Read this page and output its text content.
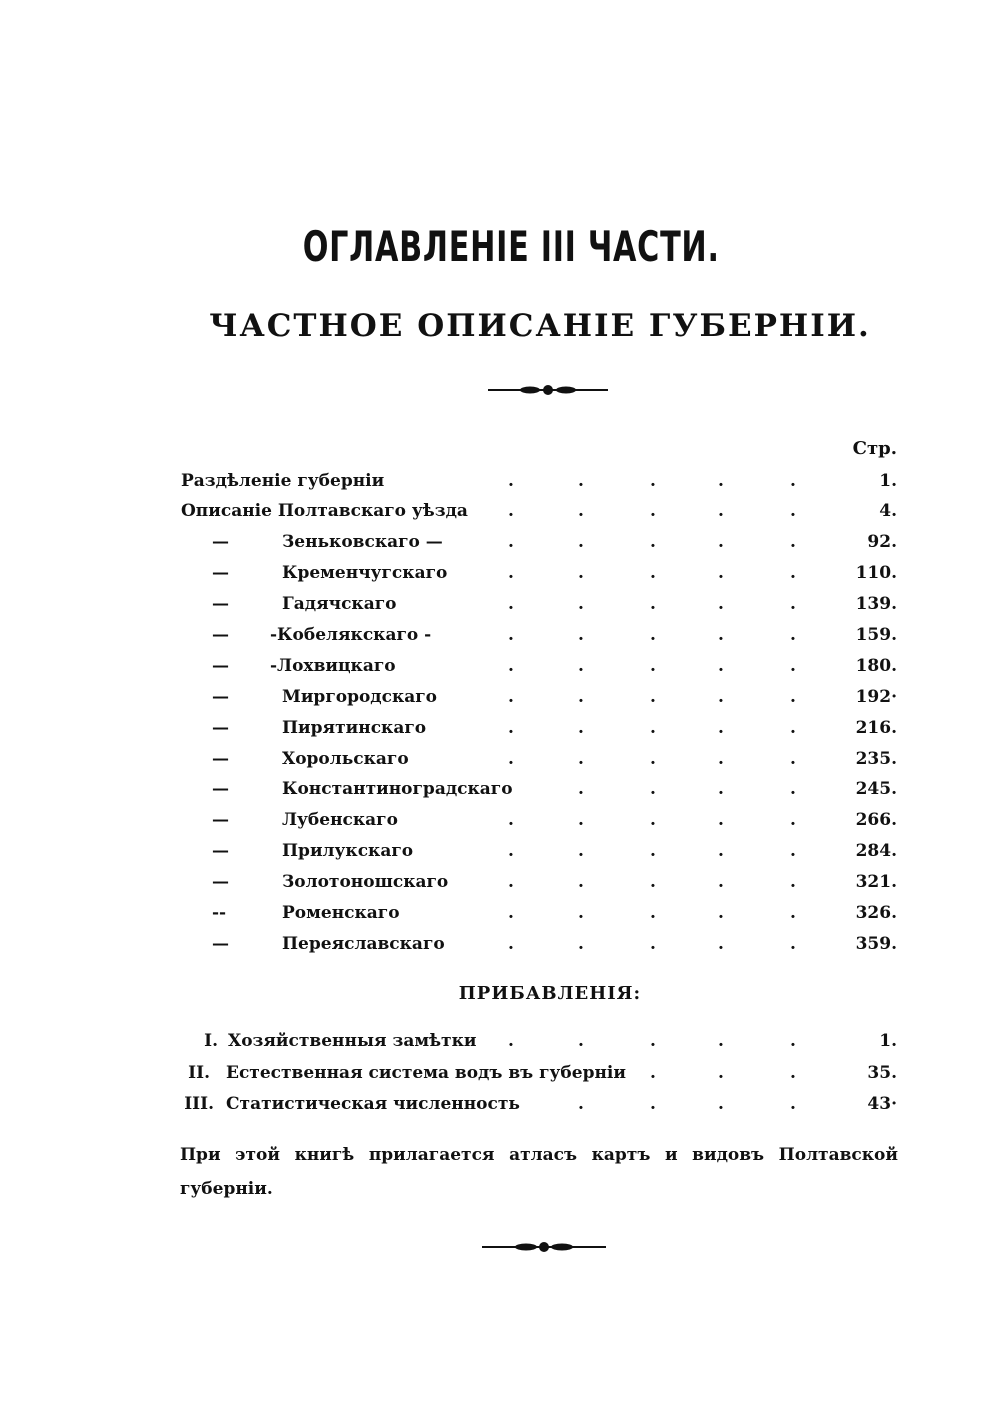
ОГЛАВЛЕНІЕ III ЧАСТИ.
ЧАСТНОЕ ОПИСАНІЕ ГУБЕРНІИ.
Стр.
Раздѣленіе губерніи	.	.	.	.	.	1.
Описаніе Полтавскаго уѣзда .	.	.	.	.	4.
—	Зеньковскаго —	.	.	.	.	.	92.
—	Кременчугскаго	.	.	.	.	.	110.
—	Гадячскаго	.	.	.	.	.	139.
— -Кобелякскаго -	.	.	.	.	.	159.
— -Лохвицкаго	.	.	.	.	.	180.
—	Миргородскаго	.	.	.	.	.	192·
—	Пирятинскаго	.	.	.	.	.	216.
—	Хорольскаго	.	.	.	.	.	235.
—	Константиноградскаго	.	.	.	.	245.
—	Лубенскаго	.	.	.	.	.	266.
—	Прилукскаго	.	.	.	.	.	284.
—	Золотоношскаго	.	.	.	.	.	321.
--	Роменскаго	.	.	.	.	.	326.
—	Переяславскаго	.	.	.	.	.	359.
ПРИБАВЛЕНІЯ:
I. Хозяйственныя замѣтки .	.	.	.	.	1.
II. Естественная система водъ въ губерніи .	.	.	35.
III. Статистическая численность	.	.	.	.	43·
При этой книгѣ прилагается атласъ картъ и видовъ Полтавской губерніи.
